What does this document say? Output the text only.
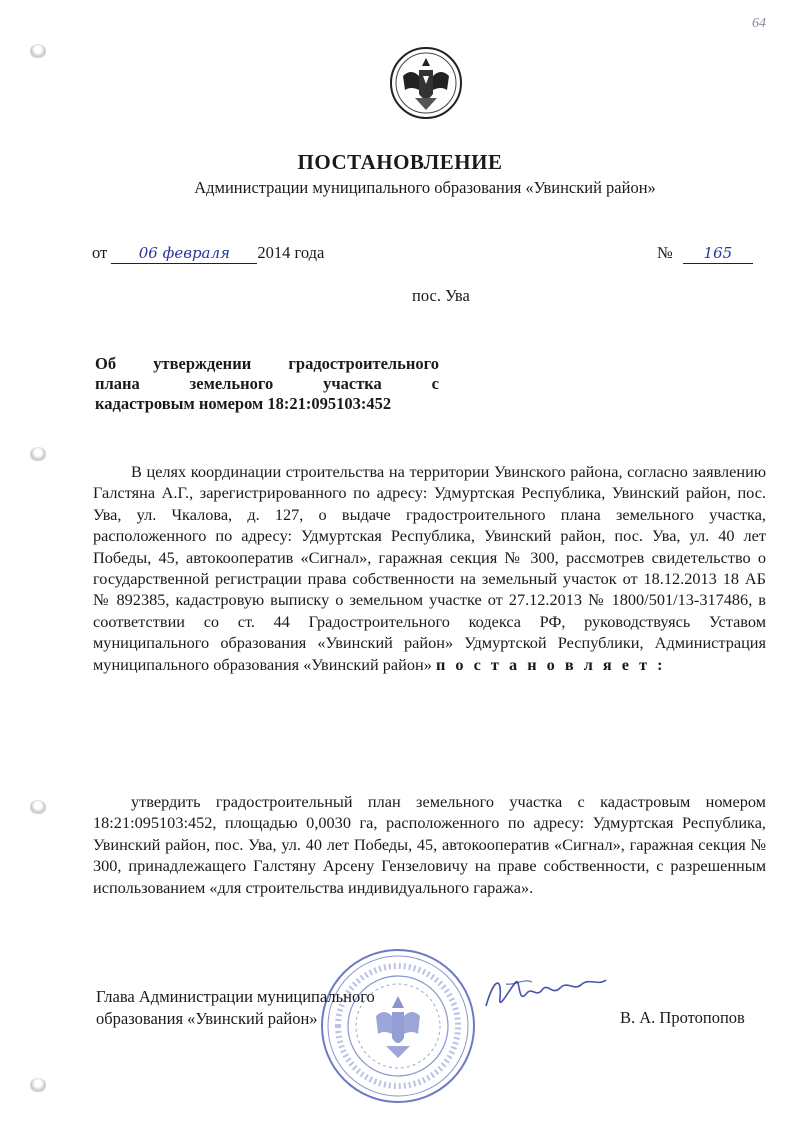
64
ПОСТАНОВЛЕНИЕ
Администрации муниципального образования «Увинский район»
от 06 февраля 2014 года	№ 165
пос. Ува
Об утверждении градостроительного
плана земельного участка с
кадастровым номером 18:21:095103:452
В целях координации строительства на территории Увинского района, согласно заявлению Галстяна А.Г., зарегистрированного по адресу: Удмуртская Республика, Увинский район, пос. Ува, ул. Чкалова, д. 127, о выдаче градостроительного плана земельного участка, расположенного по адресу: Удмуртская Республика, Увинский район, пос. Ува, ул. 40 лет Победы, 45, автокооператив «Сигнал», гаражная секция № 300, рассмотрев свидетельство о государственной регистрации права собственности на земельный участок от 18.12.2013 18 АБ № 892385, кадастровую выписку о земельном участке от 27.12.2013 № 1800/501/13-317486, в соответствии со ст. 44 Градостроительного кодекса РФ, руководствуясь Уставом муниципального образования «Увинский район» Удмуртской Республики, Администрация муниципального образования «Увинский район» п о с т а н о в л я е т :
утвердить градостроительный план земельного участка с кадастровым номером 18:21:095103:452, площадью 0,0030 га, расположенного по адресу: Удмуртская Республика, Увинский район, пос. Ува, ул. 40 лет Победы, 45, автокооператив «Сигнал», гаражная секция № 300, принадлежащего Галстяну Арсену Гензеловичу на праве собственности, с разрешенным использованием «для строительства индивидуального гаража».
Глава Администрации муниципального
образования «Увинский район»	В. А. Протопопов
